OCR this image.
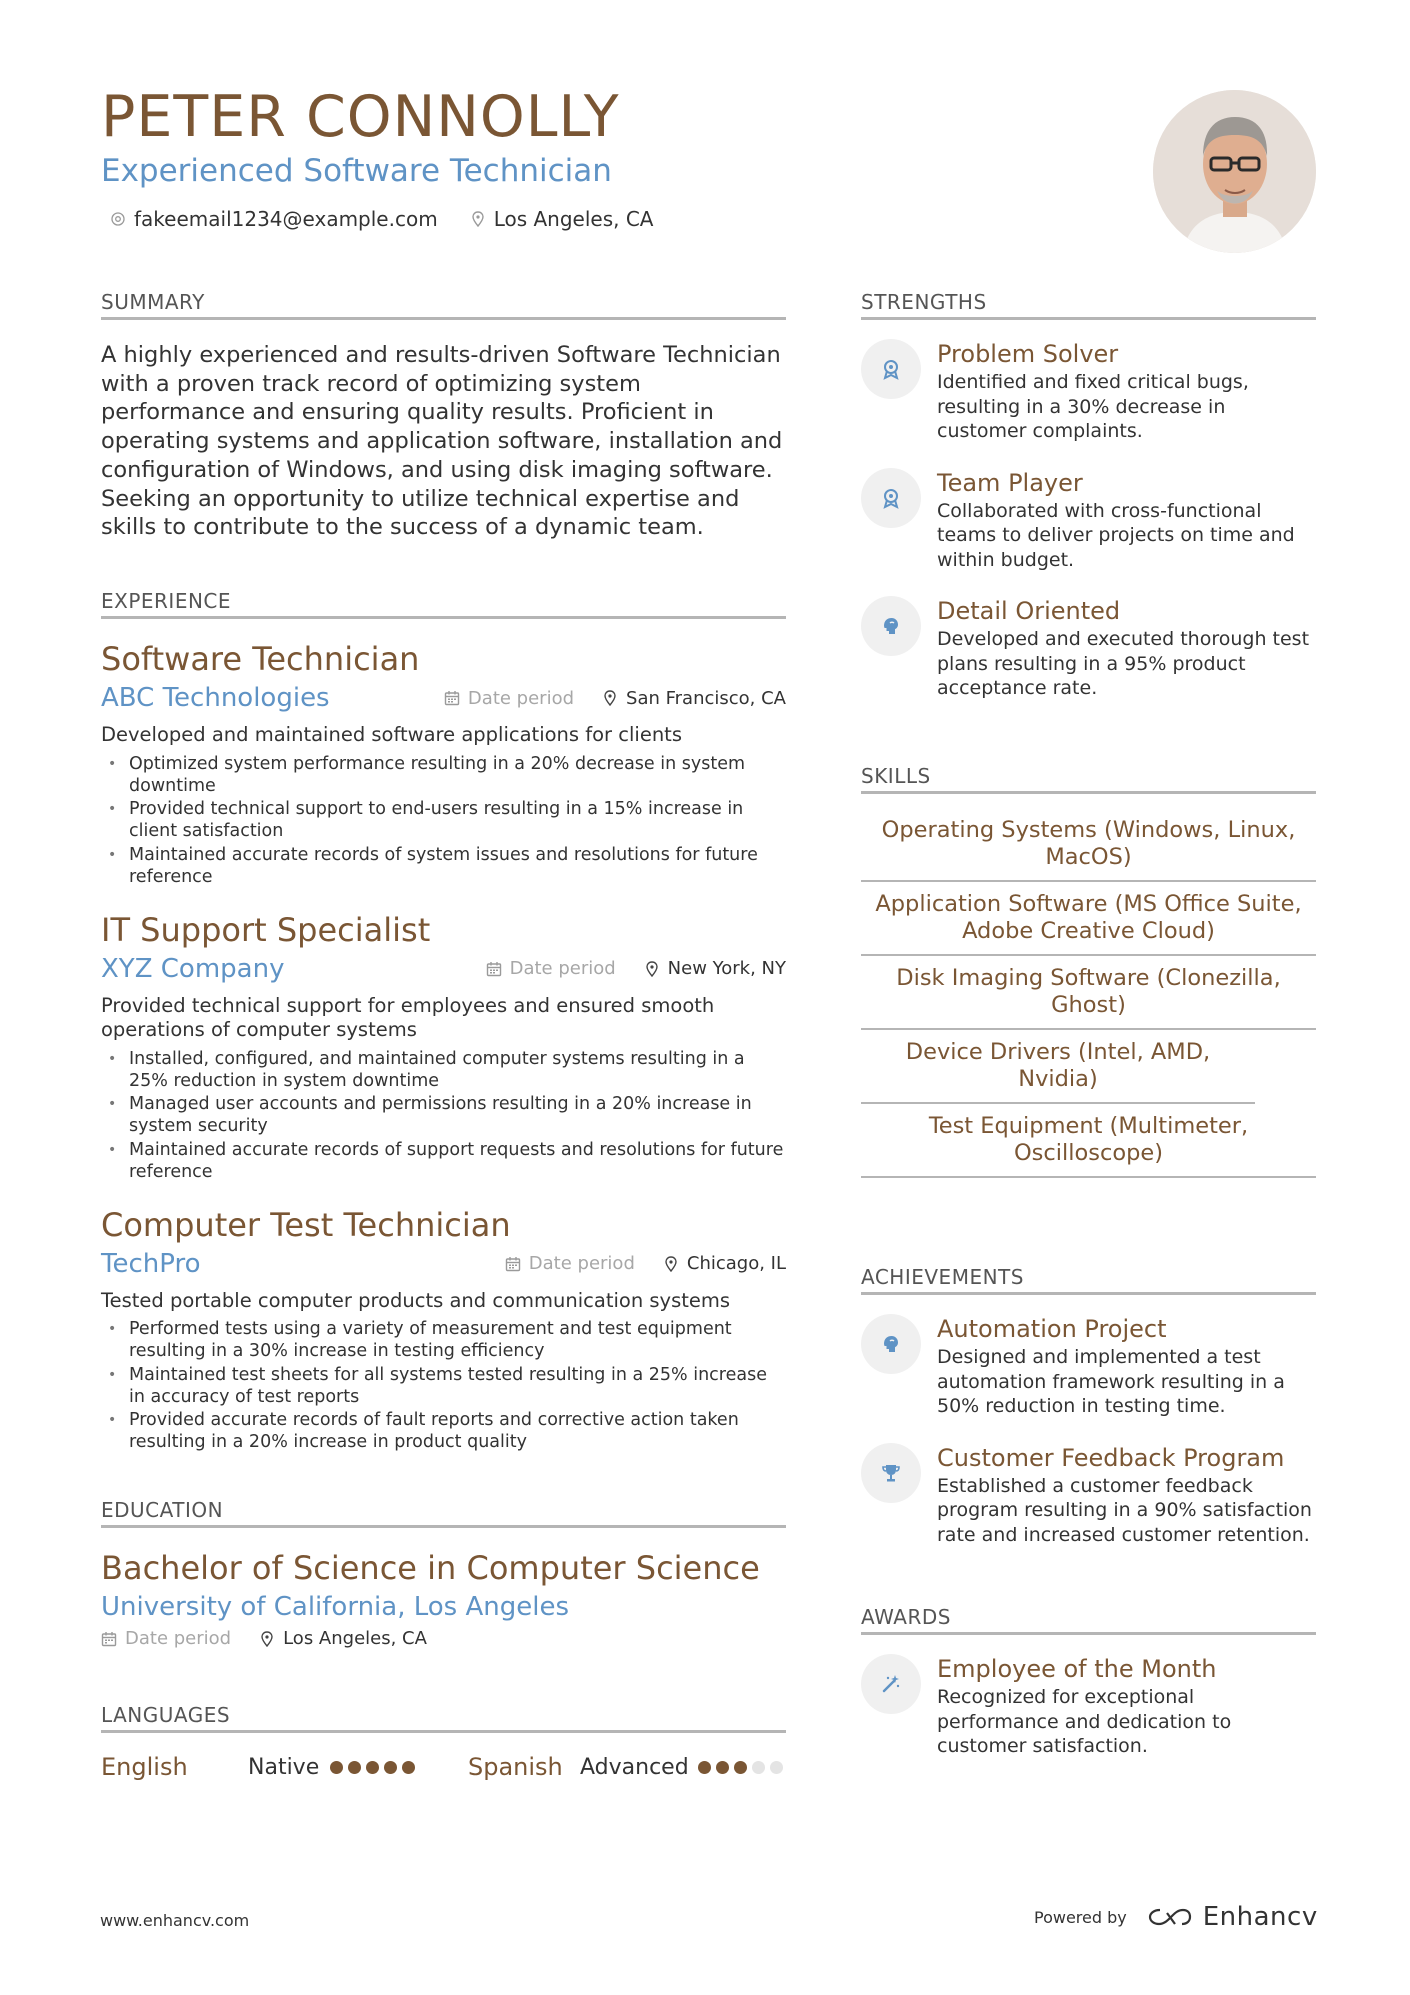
PETER CONNOLLY
Experienced Software Technician
fakeemail1234@example.com	Los Angeles, CA
SUMMARY

A highly experienced and results-driven Software Technician with a proven track record of optimizing system performance and ensuring quality results. Proficient in operating systems and application software, installation and configuration of Windows, and using disk imaging software. Seeking an opportunity to utilize technical expertise and skills to contribute to the success of a dynamic team.

EXPERIENCE
Software Technician
ABC Technologies	Date period	San Francisco, CA
Developed and maintained software applications for clients
• Optimized system performance resulting in a 20% decrease in system downtime
• Provided technical support to end-users resulting in a 15% increase in client satisfaction
• Maintained accurate records of system issues and resolutions for future reference
IT Support Specialist
XYZ Company	Date period	New York, NY
Provided technical support for employees and ensured smooth operations of computer systems
• Installed, configured, and maintained computer systems resulting in a 25% reduction in system downtime
• Managed user accounts and permissions resulting in a 20% increase in system security
• Maintained accurate records of support requests and resolutions for future reference
Computer Test Technician
TechPro	Date period	Chicago, IL
Tested portable computer products and communication systems
• Performed tests using a variety of measurement and test equipment resulting in a 30% increase in testing efficiency
• Maintained test sheets for all systems tested resulting in a 25% increase in accuracy of test reports
• Provided accurate records of fault reports and corrective action taken resulting in a 20% increase in product quality
EDUCATION
Bachelor of Science in Computer Science
University of California, Los Angeles
Date period	Los Angeles, CA
LANGUAGES
English	Native	Spanish Advanced
STRENGTHS
Problem Solver
Identified and fixed critical bugs, resulting in a 30% decrease in customer complaints.
Team Player
Collaborated with cross-functional teams to deliver projects on time and within budget.
Detail Oriented
Developed and executed thorough test plans resulting in a 95% product acceptance rate.
SKILLS
Operating Systems (Windows, Linux, MacOS)
Application Software (MS Office Suite, Adobe Creative Cloud)
Disk Imaging Software (Clonezilla, Ghost)
Device Drivers (Intel, AMD, Nvidia)
Test Equipment (Multimeter, Oscilloscope)
ACHIEVEMENTS
Automation Project
Designed and implemented a test automation framework resulting in a 50% reduction in testing time.
Customer Feedback Program
Established a customer feedback program resulting in a 90% satisfaction rate and increased customer retention.
AWARDS
Employee of the Month
Recognized for exceptional performance and dedication to customer satisfaction.
www.enhancv.com	Powered by	Enhancv
